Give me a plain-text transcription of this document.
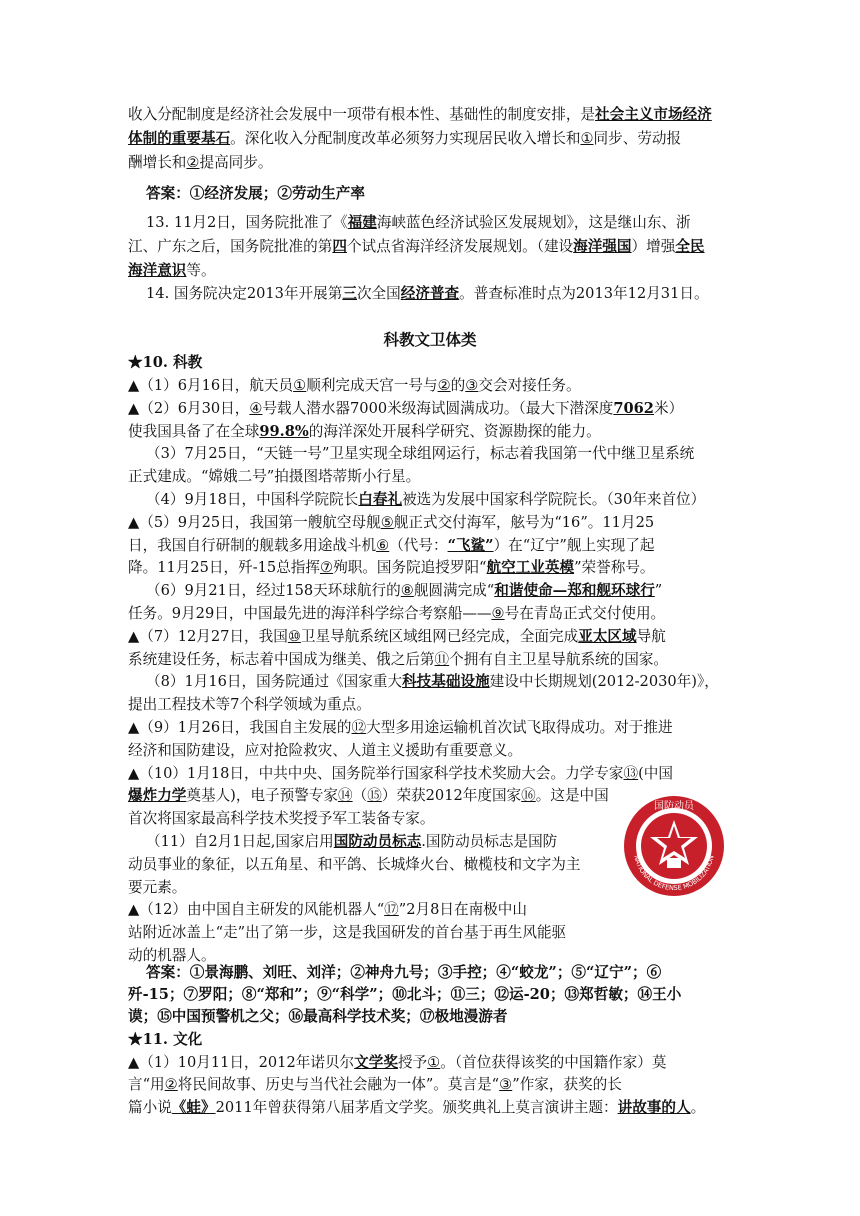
收入分配制度是经济社会发展中一项带有根本性、基础性的制度安排，是社会主义市场经济
体制的重要基石。深化收入分配制度改革必须努力实现居民收入增长和①同步、劳动报
酬增长和②提高同步。
答案：①经济发展；②劳动生产率
13. 11月2日，国务院批准了《福建海峡蓝色经济试验区发展规划》，这是继山东、浙
江、广东之后，国务院批准的第四个试点省海洋经济发展规划。（建设海洋强国）增强全民
海洋意识等。
14. 国务院决定2013年开展第三次全国经济普查。普查标准时点为2013年12月31日。
科教文卫体类
★10. 科教
▲（1）6月16日，航天员①顺利完成天宫一号与②的③交会对接任务。
▲（2）6月30日，④号载人潜水器7000米级海试圆满成功。（最大下潜深度7062米）
使我国具备了在全球99.8%的海洋深处开展科学研究、资源勘探的能力。
（3）7月25日，“天链一号”卫星实现全球组网运行，标志着我国第一代中继卫星系统
正式建成。“嫦娥二号”拍摄图塔蒂斯小行星。
（4）9月18日，中国科学院院长白春礼被选为发展中国家科学院院长。（30年来首位）
▲（5）9月25日，我国第一艘航空母舰⑤舰正式交付海军，舷号为“16”。11月25
日，我国自行研制的舰载多用途战斗机⑥（代号：“飞鲨”）在“辽宁”舰上实现了起
降。11月25日，歼-15总指挥⑦殉职。国务院追授罗阳“航空工业英模”荣誉称号。
（6）9月21日，经过158天环球航行的⑧舰圆满完成“和谐使命—郑和舰环球行”
任务。9月29日，中国最先进的海洋科学综合考察船——⑨号在青岛正式交付使用。
▲（7）12月27日，我国⑩卫星导航系统区域组网已经完成，全面完成亚太区域导航
系统建设任务，标志着中国成为继美、俄之后第⑪个拥有自主卫星导航系统的国家。
（8）1月16日，国务院通过《国家重大科技基础设施建设中长期规划(2012-2030年)》，
提出工程技术等7个科学领域为重点。
▲（9）1月26日，我国自主发展的⑫大型多用途运输机首次试飞取得成功。对于推进
经济和国防建设，应对抢险救灾、人道主义援助有重要意义。
▲（10）1月18日，中共中央、国务院举行国家科学技术奖励大会。力学专家⑬(中国
爆炸力学奠基人)，电子预警专家⑭（⑮）荣获2012年度国家⑯。这是中国
首次将国家最高科学技术奖授予军工装备专家。
（11）自2月1日起,国家启用国防动员标志.国防动员标志是国防
动员事业的象征，以五角星、和平鸽、长城烽火台、橄榄枝和文字为主
要元素。
▲（12）由中国自主研发的风能机器人“⑰”2月8日在南极中山
站附近冰盖上“走”出了第一步，这是我国研发的首台基于再生风能驱
动的机器人。
答案：①景海鹏、刘旺、刘洋；②神舟九号；③手控；④“蛟龙”；⑤“辽宁”；⑥
歼-15；⑦罗阳；⑧“郑和”；⑨“科学”；⑩北斗；⑪三；⑫运-20；⑬郑哲敏；⑭王小
谟；⑮中国预警机之父；⑯最高科学技术奖；⑰极地漫游者
★11. 文化
▲（1）10月11日，2012年诺贝尔文学奖授予①。（首位获得该奖的中国籍作家）莫
言“用②将民间故事、历史与当代社会融为一体”。莫言是“③”作家，获奖的长
篇小说《蛙》2011年曾获得第八届茅盾文学奖。颁奖典礼上莫言演讲主题：讲故事的人。
国防动员
NATIONAL DEFENSE MOBILIZATION
